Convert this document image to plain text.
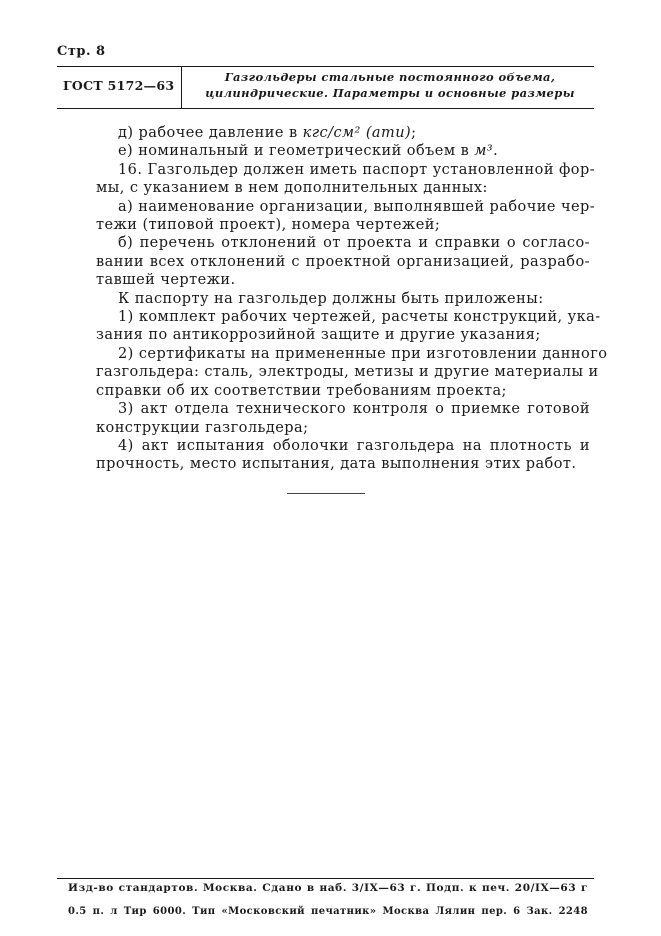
Стр. 8
ГОСТ 5172—63
Газгольдеры стальные постоянного объема,
цилиндрические. Параметры и основные размеры
д) рабочее давление в кгс/см² (ати);
е) номинальный и геометрический объем в м³.
16. Газгольдер должен иметь паспорт установленной фор-
мы, с указанием в нем дополнительных данных:
а) наименование организации, выполнявшей рабочие чер-
тежи (типовой проект), номера чертежей;
б) перечень отклонений от проекта и справки о согласо-
вании всех отклонений с проектной организацией, разрабо-
тавшей чертежи.
К паспорту на газгольдер должны быть приложены:
1) комплект рабочих чертежей, расчеты конструкций, ука-
зания по антикоррозийной защите и другие указания;
2) сертификаты на примененные при изготовлении данного
газгольдера: сталь, электроды, метизы и другие материалы и
справки об их соответствии требованиям проекта;
3) акт отдела технического контроля о приемке готовой
конструкции газгольдера;
4) акт испытания оболочки газгольдера на плотность и
прочность, место испытания, дата выполнения этих работ.
Изд-во стандартов. Москва. Сдано в наб. 3/IX—63 г. Подп. к печ. 20/IX—63 г
0.5 п. л Тир 6000. Тип «Московский печатник» Москва Лялин пер. 6 Зак. 2248
